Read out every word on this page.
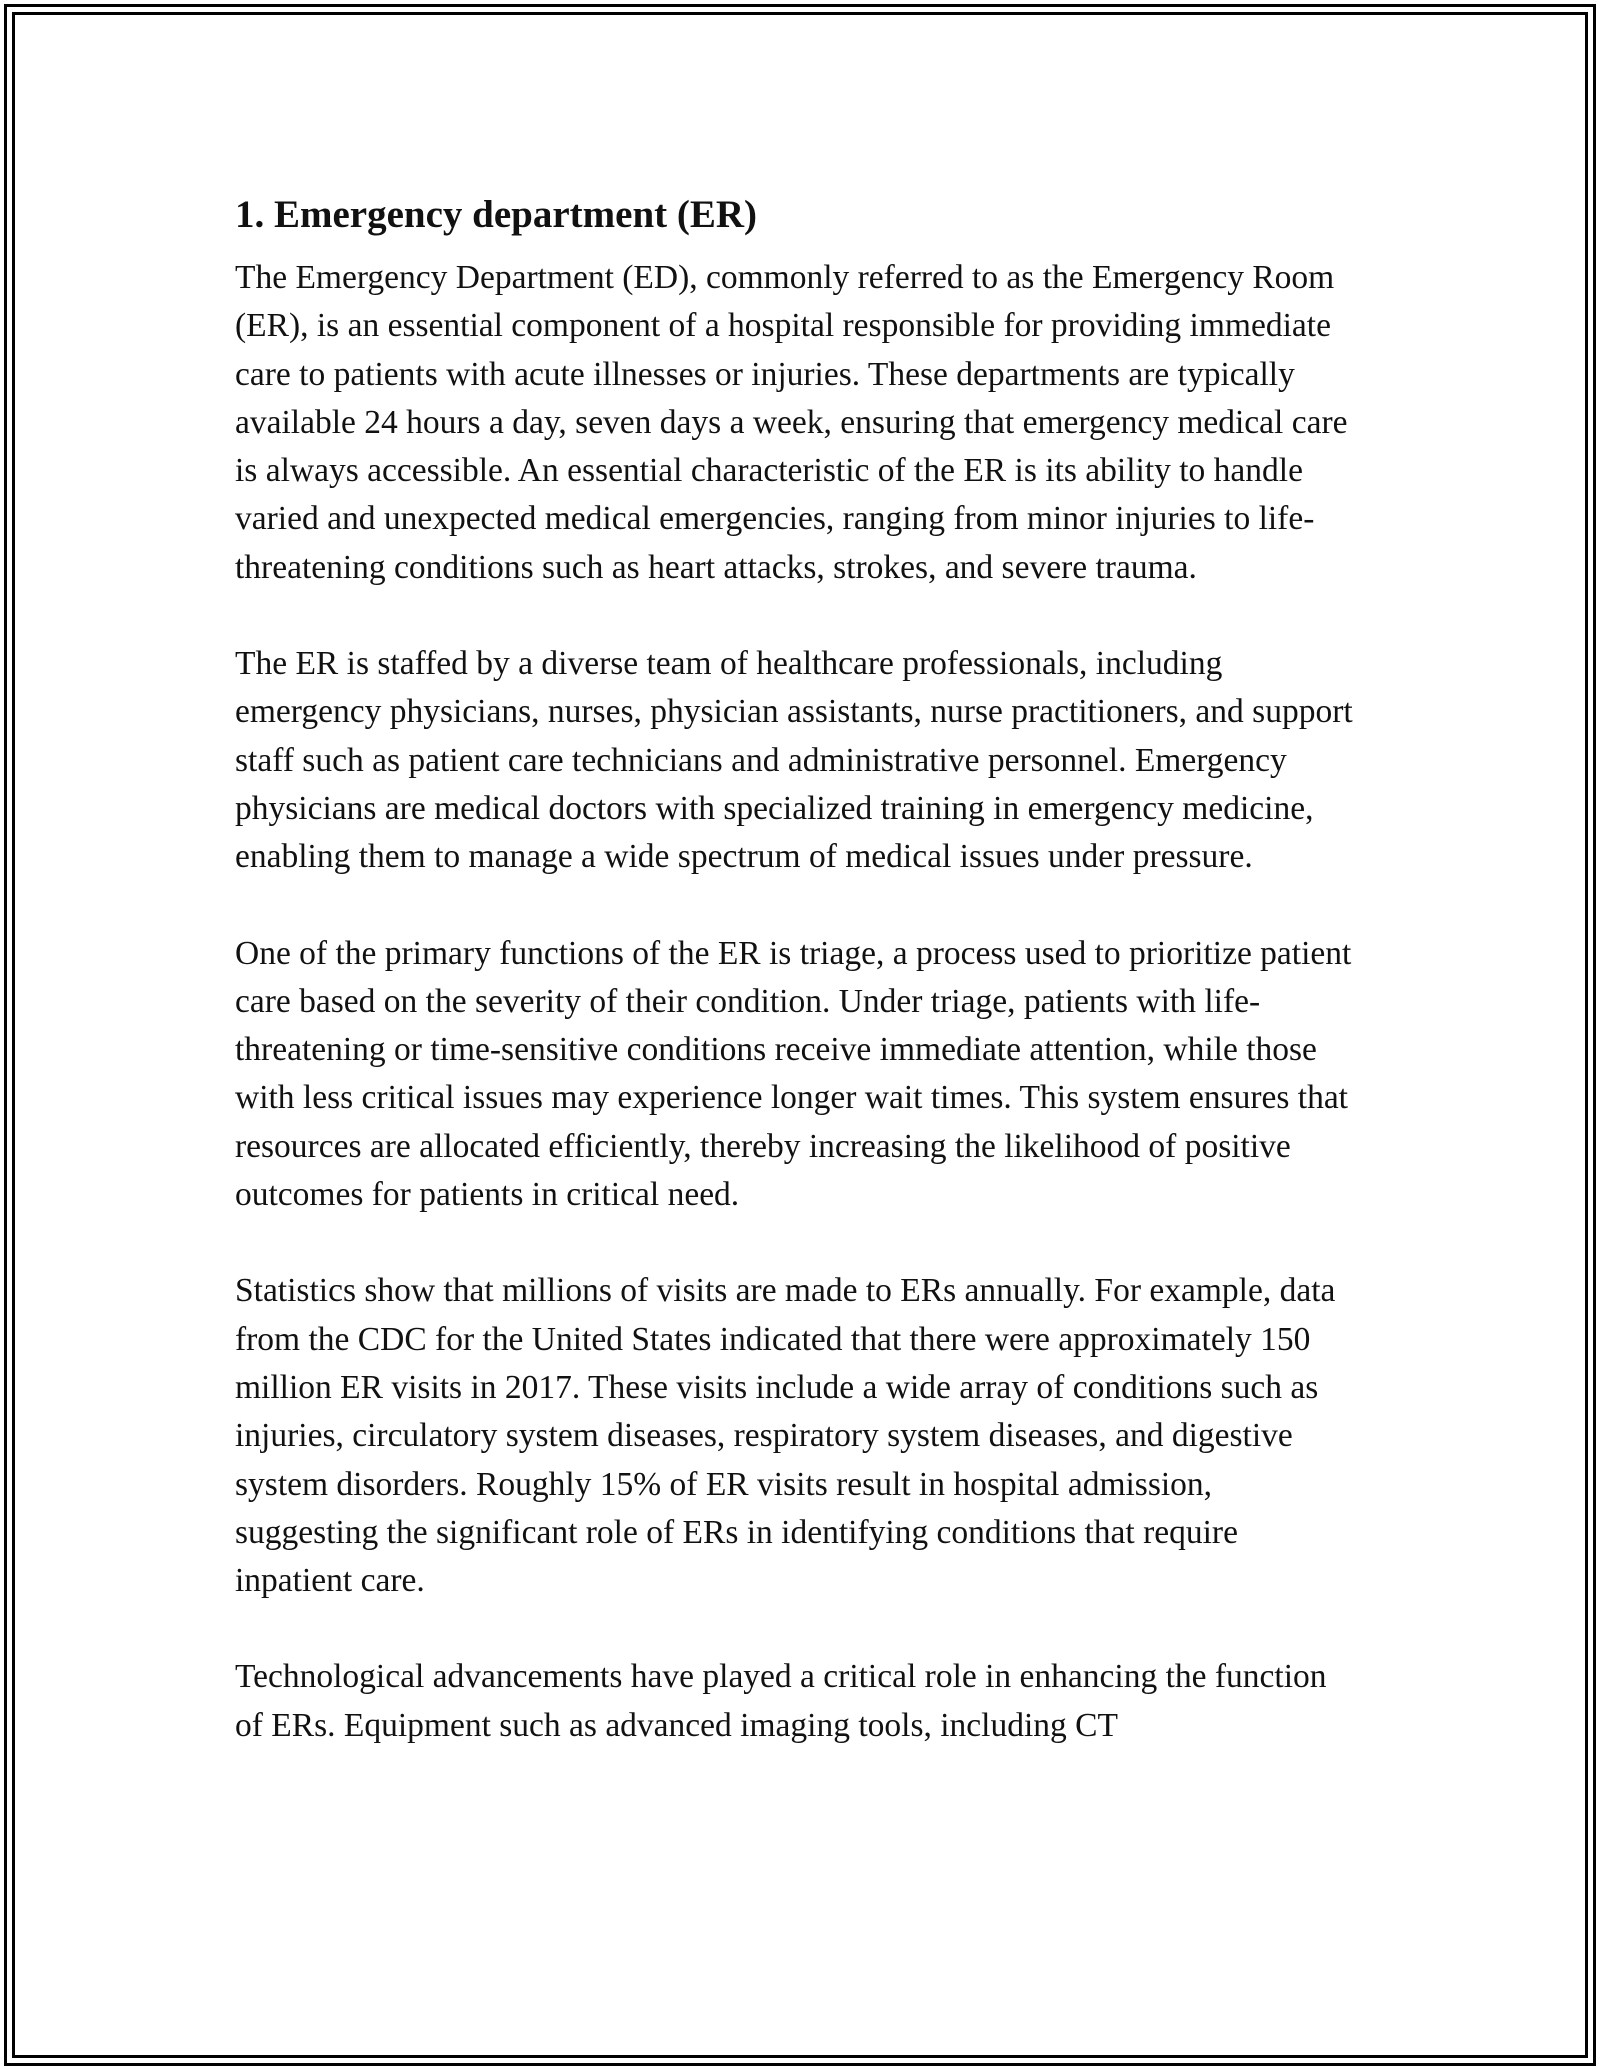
1. Emergency department (ER)

The Emergency Department (ED), commonly referred to as the Emergency Room (ER), is an essential component of a hospital responsible for providing immediate care to patients with acute illnesses or injuries. These departments are typically available 24 hours a day, seven days a week, ensuring that emergency medical care is always accessible. An essential characteristic of the ER is its ability to handle varied and unexpected medical emergencies, ranging from minor injuries to life-threatening conditions such as heart attacks, strokes, and severe trauma.

The ER is staffed by a diverse team of healthcare professionals, including emergency physicians, nurses, physician assistants, nurse practitioners, and support staff such as patient care technicians and administrative personnel. Emergency physicians are medical doctors with specialized training in emergency medicine, enabling them to manage a wide spectrum of medical issues under pressure.

One of the primary functions of the ER is triage, a process used to prioritize patient care based on the severity of their condition. Under triage, patients with life-threatening or time-sensitive conditions receive immediate attention, while those with less critical issues may experience longer wait times. This system ensures that resources are allocated efficiently, thereby increasing the likelihood of positive outcomes for patients in critical need.

Statistics show that millions of visits are made to ERs annually. For example, data from the CDC for the United States indicated that there were approximately 150 million ER visits in 2017. These visits include a wide array of conditions such as injuries, circulatory system diseases, respiratory system diseases, and digestive system disorders. Roughly 15% of ER visits result in hospital admission, suggesting the significant role of ERs in identifying conditions that require inpatient care.

Technological advancements have played a critical role in enhancing the function of ERs. Equipment such as advanced imaging tools, including CT
